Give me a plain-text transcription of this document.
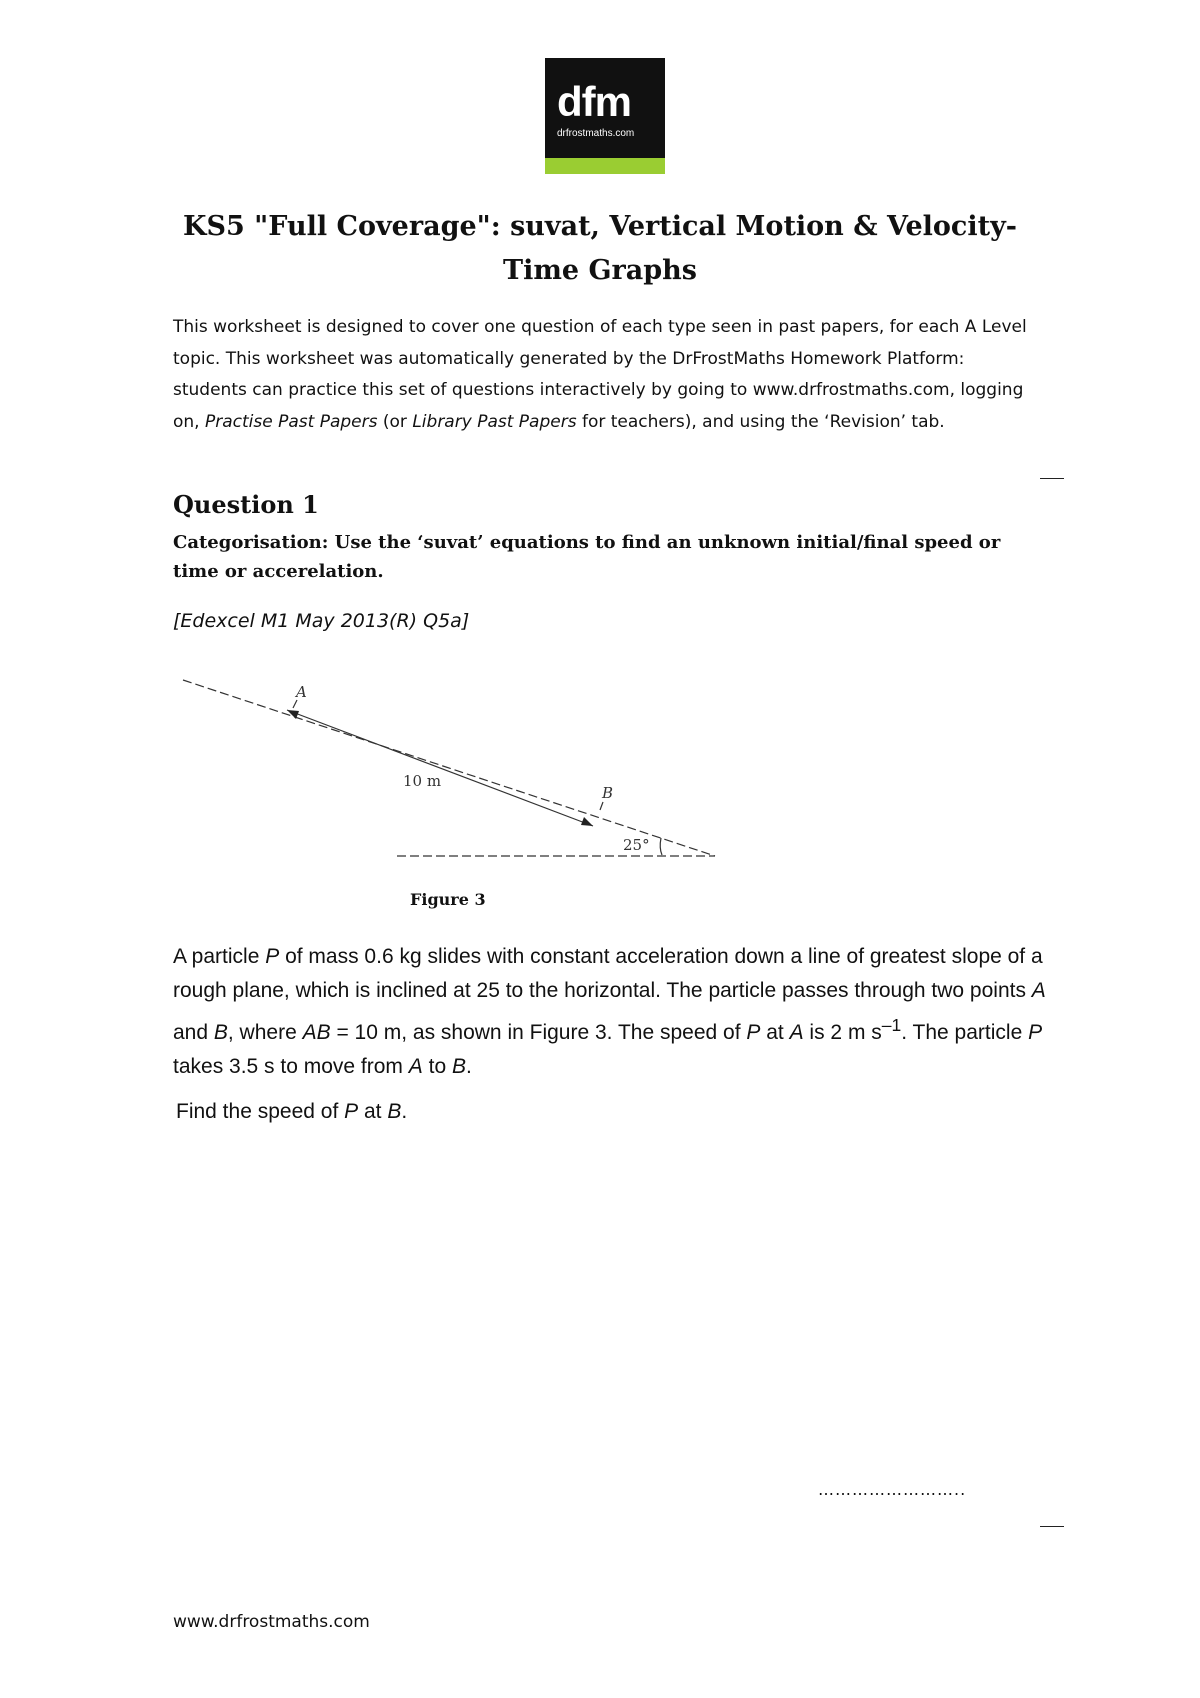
dfm
drfrostmaths.com
KS5 "Full Coverage": suvat, Vertical Motion & Velocity-
Time Graphs

This worksheet is designed to cover one question of each type seen in past papers, for each A Level topic. This worksheet was automatically generated by the DrFrostMaths Homework Platform: students can practice this set of questions interactively by going to www.drfrostmaths.com, logging on, Practise Past Papers (or Library Past Papers for teachers), and using the ‘Revision’ tab.

Question 1

Categorisation: Use the ‘suvat’ equations to find an unknown initial/final speed or time or accerelation.

[Edexcel M1 May 2013(R) Q5a]

A
B
10 m
25°
Figure 3

A particle P of mass 0.6 kg slides with constant acceleration down a line of greatest slope of a rough plane, which is inclined at 25 to the horizontal. The particle passes through two points A and B, where AB = 10 m, as shown in Figure 3. The speed of P at A is 2 m $s^{-1}$. The particle P takes 3.5 s to move from A to B.

Find the speed of P at B.

……………………..

www.drfrostmaths.com
